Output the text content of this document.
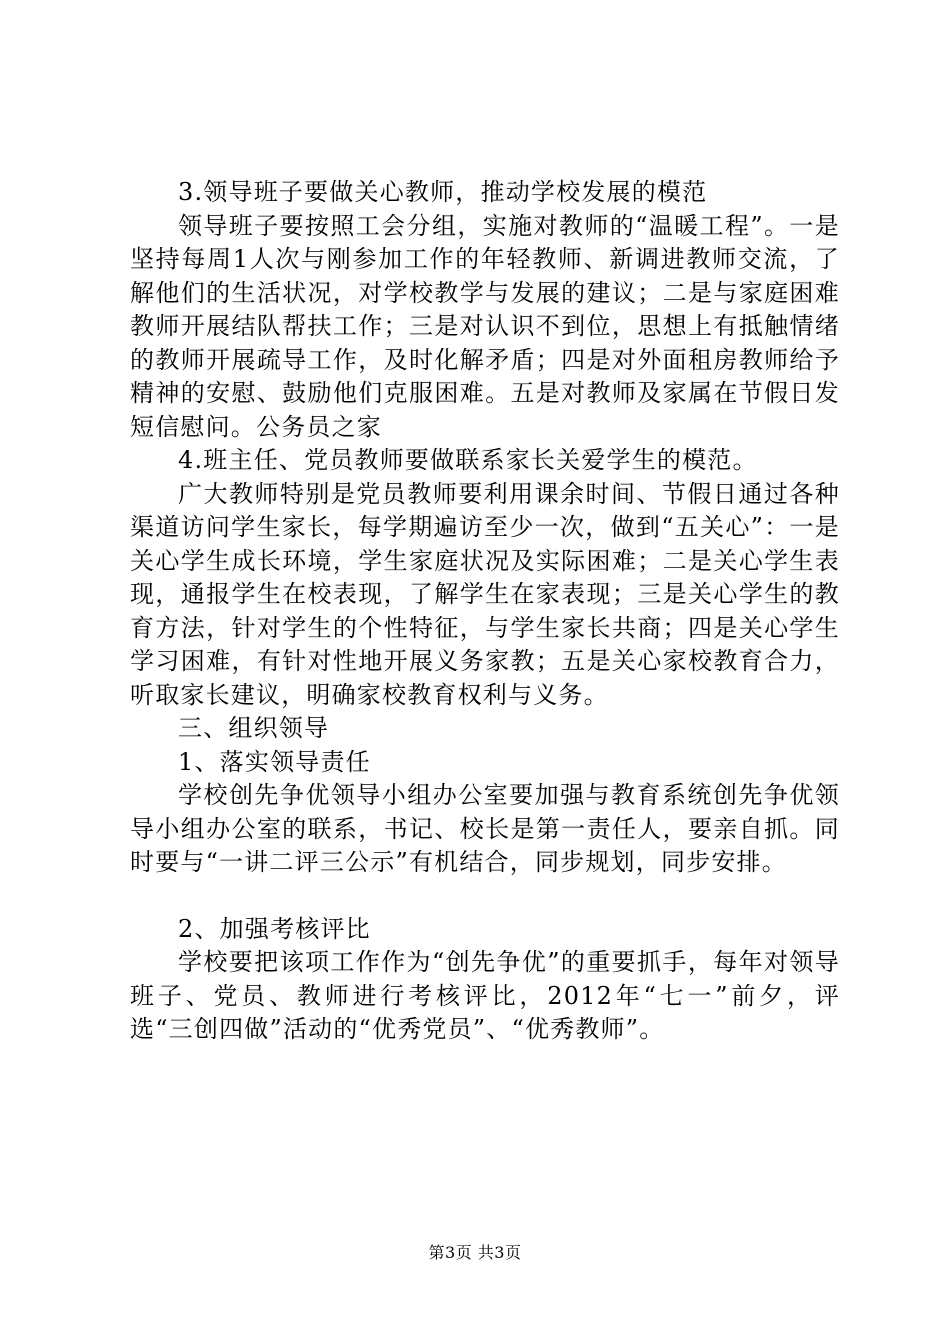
3.领导班子要做关心教师，推动学校发展的模范

领导班子要按照工会分组，实施对教师的“温暖工程”。一是坚持每周1人次与刚参加工作的年轻教师、新调进教师交流，了解他们的生活状况，对学校教学与发展的建议；二是与家庭困难教师开展结队帮扶工作；三是对认识不到位，思想上有抵触情绪的教师开展疏导工作，及时化解矛盾；四是对外面租房教师给予精神的安慰、鼓励他们克服困难。五是对教师及家属在节假日发短信慰问。公务员之家

4.班主任、党员教师要做联系家长关爱学生的模范。

广大教师特别是党员教师要利用课余时间、节假日通过各种渠道访问学生家长，每学期遍访至少一次，做到“五关心”：一是关心学生成长环境，学生家庭状况及实际困难；二是关心学生表现，通报学生在校表现，了解学生在家表现；三是关心学生的教育方法，针对学生的个性特征，与学生家长共商；四是关心学生学习困难，有针对性地开展义务家教；五是关心家校教育合力，听取家长建议，明确家校教育权利与义务。

三、组织领导

1、落实领导责任

学校创先争优领导小组办公室要加强与教育系统创先争优领导小组办公室的联系，书记、校长是第一责任人，要亲自抓。同时要与“一讲二评三公示”有机结合，同步规划，同步安排。

2、加强考核评比

学校要把该项工作作为“创先争优”的重要抓手，每年对领导班子、党员、教师进行考核评比，2012年“七一”前夕，评选“三创四做”活动的“优秀党员”、“优秀教师”。

第3页 共3页
